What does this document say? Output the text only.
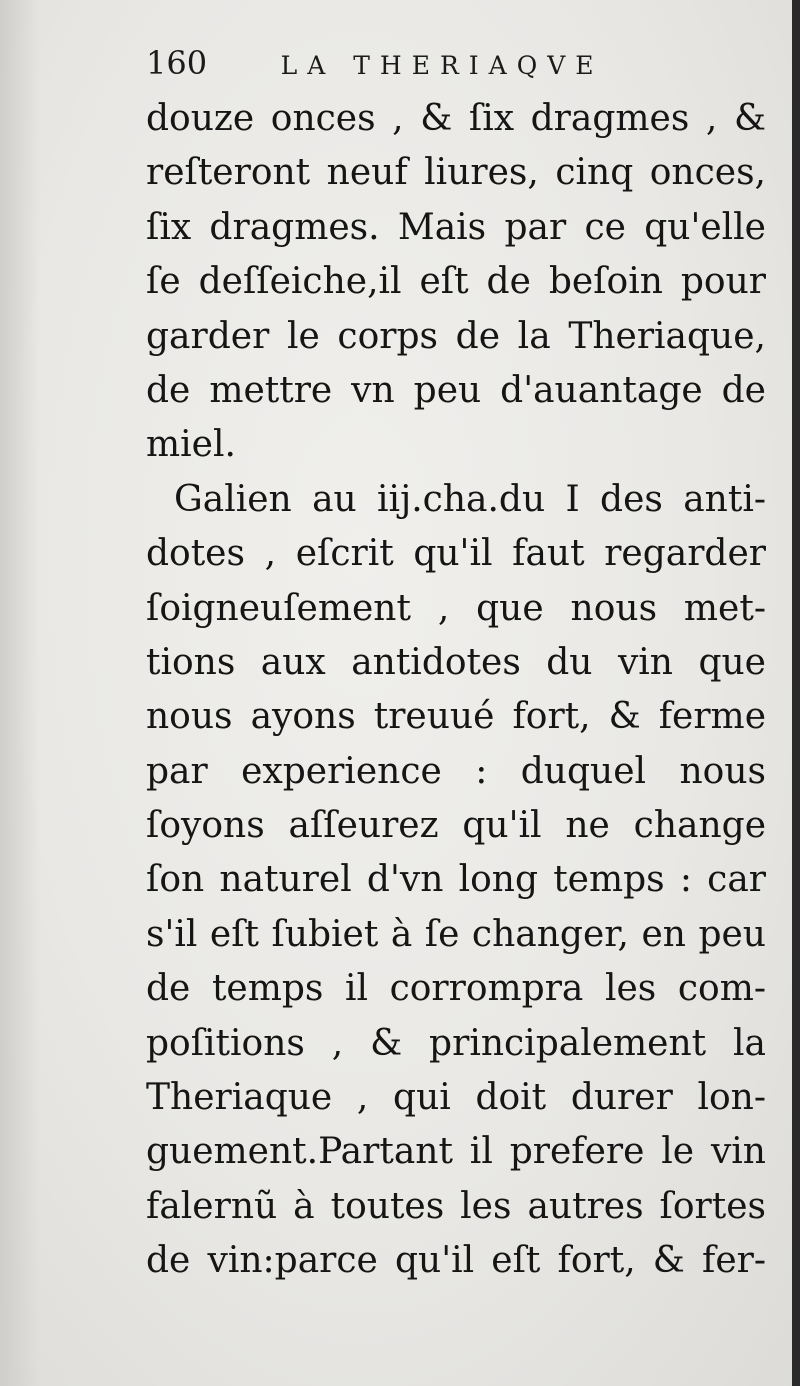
160	LA THERIAQVE
douze onces , & ſix dragmes , &
reſteront neuf liures, cinq onces,
ſix dragmes. Mais par ce qu'elle
ſe deſſeiche,il eſt de beſoin pour
garder le corps de la Theriaque,
de mettre vn peu d'auantage de
miel.
Galien au iij.cha.du I des anti-
dotes , eſcrit qu'il faut regarder
ſoigneuſement , que nous met-
tions aux antidotes du vin que
nous ayons treuué fort, & ferme
par experience : duquel nous
ſoyons aſſeurez qu'il ne change
ſon naturel d'vn long temps : car
s'il eſt ſubiet à ſe changer, en peu
de temps il corrompra les com-
poſitions , & principalement la
Theriaque , qui doit durer lon-
guement.Partant il prefere le vin
falernũ à toutes les autres ſortes
de vin:parce qu'il eſt fort, & fer-
